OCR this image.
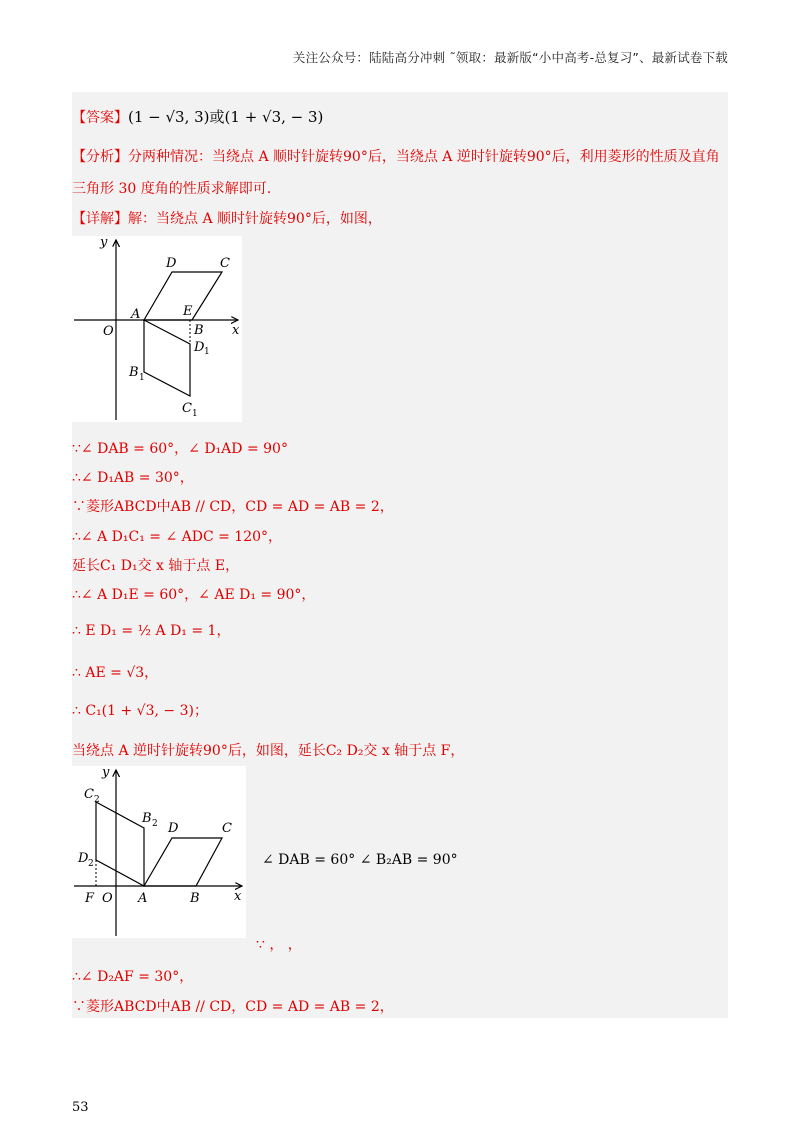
关注公众号：陆陆高分冲刺 ˜领取：最新版“小中高考-总复习”、最新试卷下载
【答案】(1 − √3, 3)或(1 + √3, − 3)
【分析】分两种情况：当绕点 A 顺时针旋转90°后，当绕点 A 逆时针旋转90°后，利用菱形的性质及直角
三角形 30 度角的性质求解即可.
【详解】解：当绕点 A 顺时针旋转90°后，如图，
y
x
O
A	E
B
D	C
D 1
C 1
B 1
∵∠ DAB = 60°，∠ D₁AD = 90°
∴∠ D₁AB = 30°，
∵菱形ABCD中AB // CD，CD = AD = AB = 2，
∴∠ A D₁C₁ = ∠ ADC = 120°，
延长C₁ D₁交 x 轴于点 E，
∴∠ A D₁E = 60°，∠ AE D₁ = 90°，
∴ E D₁ = ½ A D₁ = 1，
∴ AE = √3，
∴ C₁(1 + √3, − 3)；
当绕点 A 逆时针旋转90°后，如图，延长C₂ D₂交 x 轴于点 F，
y
x
F O A	B
D	C
C 2
B 2
D 2	∠ DAB = 60° ∠ B₂AB = 90°
∵ ， ，
∴∠ D₂AF = 30°，
∵菱形ABCD中AB // CD，CD = AD = AB = 2，
53
